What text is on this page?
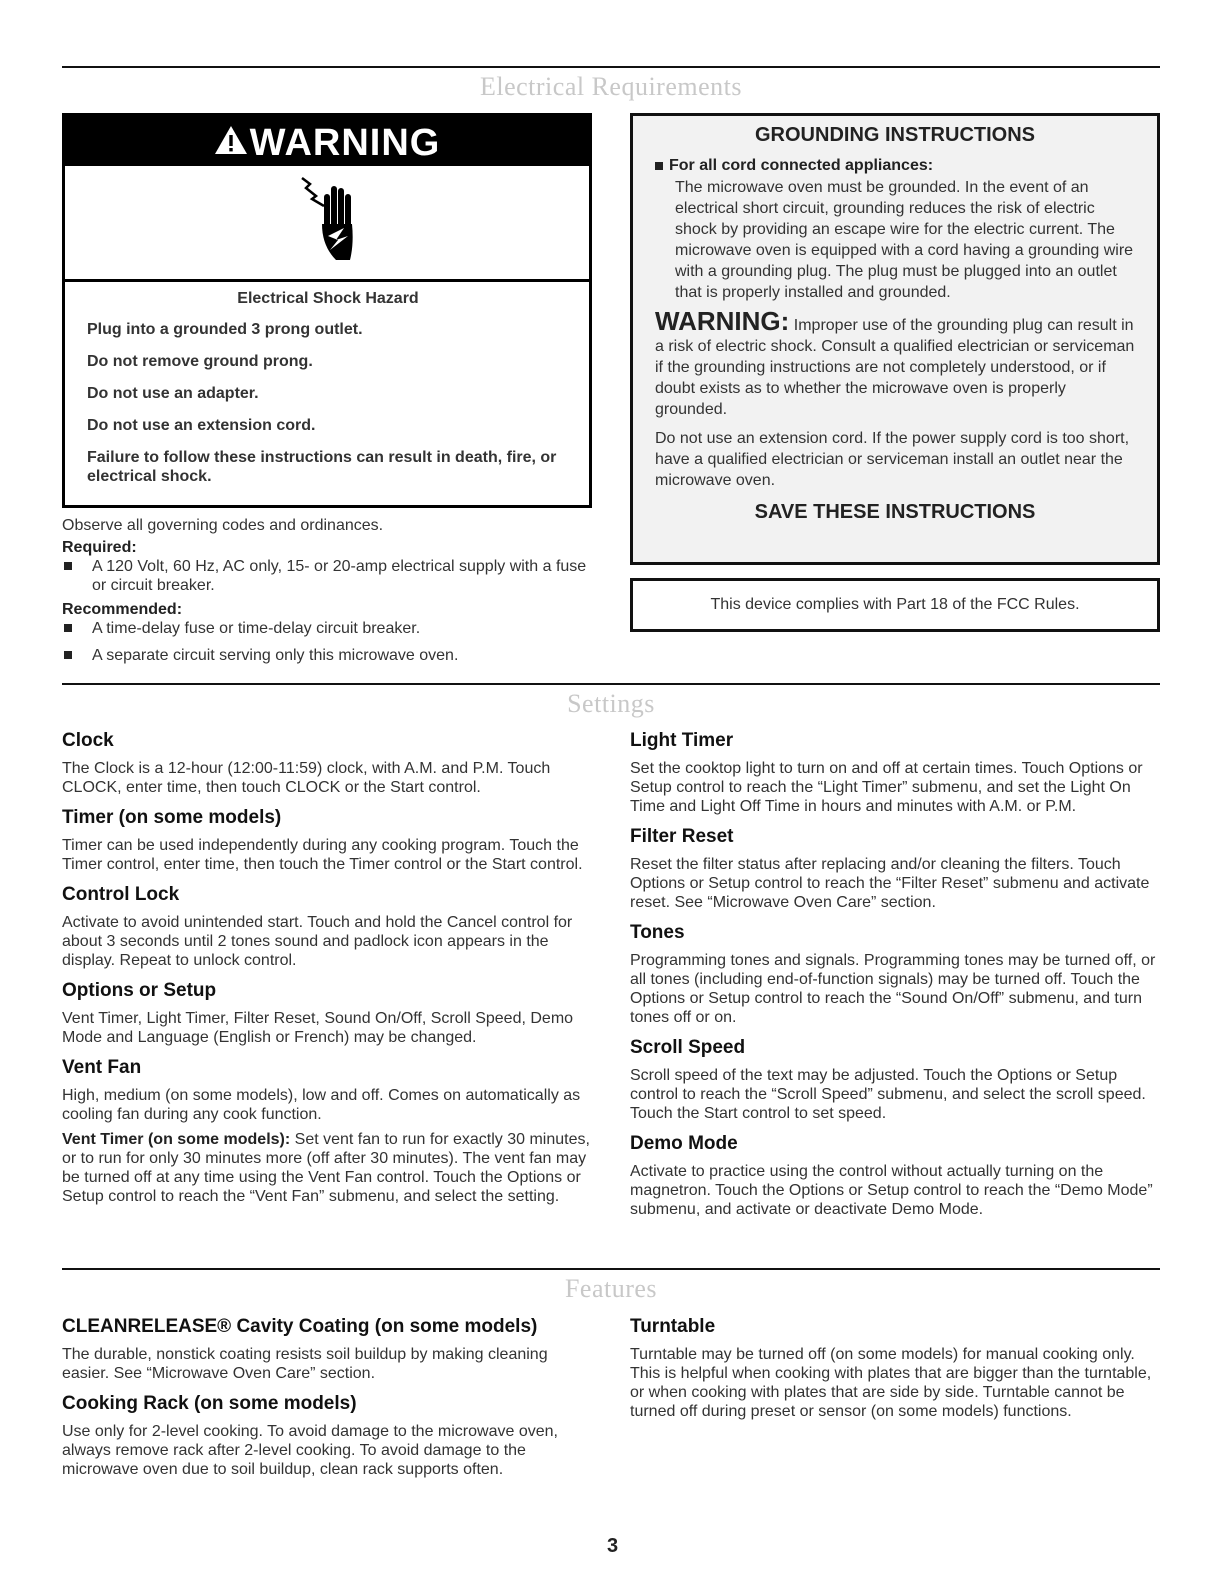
Electrical Requirements
WARNING
Electrical Shock Hazard
Plug into a grounded 3 prong outlet.
Do not remove ground prong.
Do not use an adapter.
Do not use an extension cord.
Failure to follow these instructions can result in death, fire, or electrical shock.

Observe all governing codes and ordinances.

Required:

A 120 Volt, 60 Hz, AC only, 15- or 20-amp electrical supply with a fuse or circuit breaker.

Recommended:

A time-delay fuse or time-delay circuit breaker.
A separate circuit serving only this microwave oven.
GROUNDING INSTRUCTIONS
For all cord connected appliances:

The microwave oven must be grounded. In the event of an electrical short circuit, grounding reduces the risk of electric shock by providing an escape wire for the electric current. The microwave oven is equipped with a cord having a grounding wire with a grounding plug. The plug must be plugged into an outlet that is properly installed and grounded.

WARNING: Improper use of the grounding plug can result in a risk of electric shock. Consult a qualified electrician or serviceman if the grounding instructions are not completely understood, or if doubt exists as to whether the microwave oven is properly grounded.

Do not use an extension cord. If the power supply cord is too short, have a qualified electrician or serviceman install an outlet near the microwave oven.

SAVE THESE INSTRUCTIONS
This device complies with Part 18 of the FCC Rules.
Settings
Clock

The Clock is a 12-hour (12:00-11:59) clock, with A.M. and P.M. Touch CLOCK, enter time, then touch CLOCK or the Start control.

Timer (on some models)

Timer can be used independently during any cooking program. Touch the Timer control, enter time, then touch the Timer control or the Start control.

Control Lock

Activate to avoid unintended start. Touch and hold the Cancel control for about 3 seconds until 2 tones sound and padlock icon appears in the display. Repeat to unlock control.

Options or Setup

Vent Timer, Light Timer, Filter Reset, Sound On/Off, Scroll Speed, Demo Mode and Language (English or French) may be changed.

Vent Fan

High, medium (on some models), low and off. Comes on automatically as cooling fan during any cook function.

Vent Timer (on some models): Set vent fan to run for exactly 30 minutes, or to run for only 30 minutes more (off after 30 minutes). The vent fan may be turned off at any time using the Vent Fan control. Touch the Options or Setup control to reach the “Vent Fan” submenu, and select the setting.

Light Timer

Set the cooktop light to turn on and off at certain times. Touch Options or Setup control to reach the “Light Timer” submenu, and set the Light On Time and Light Off Time in hours and minutes with A.M. or P.M.

Filter Reset

Reset the filter status after replacing and/or cleaning the filters. Touch Options or Setup control to reach the “Filter Reset” submenu and activate reset. See “Microwave Oven Care” section.

Tones

Programming tones and signals. Programming tones may be turned off, or all tones (including end-of-function signals) may be turned off. Touch the Options or Setup control to reach the “Sound On/Off” submenu, and turn tones off or on.

Scroll Speed

Scroll speed of the text may be adjusted. Touch the Options or Setup control to reach the “Scroll Speed” submenu, and select the scroll speed. Touch the Start control to set speed.

Demo Mode

Activate to practice using the control without actually turning on the magnetron. Touch the Options or Setup control to reach the “Demo Mode” submenu, and activate or deactivate Demo Mode.

Features
CLEANRELEASE® Cavity Coating (on some models)

The durable, nonstick coating resists soil buildup by making cleaning easier. See “Microwave Oven Care” section.

Cooking Rack (on some models)

Use only for 2-level cooking. To avoid damage to the microwave oven, always remove rack after 2-level cooking. To avoid damage to the microwave oven due to soil buildup, clean rack supports often.

Turntable

Turntable may be turned off (on some models) for manual cooking only. This is helpful when cooking with plates that are bigger than the turntable, or when cooking with plates that are side by side. Turntable cannot be turned off during preset or sensor (on some models) functions.

3
